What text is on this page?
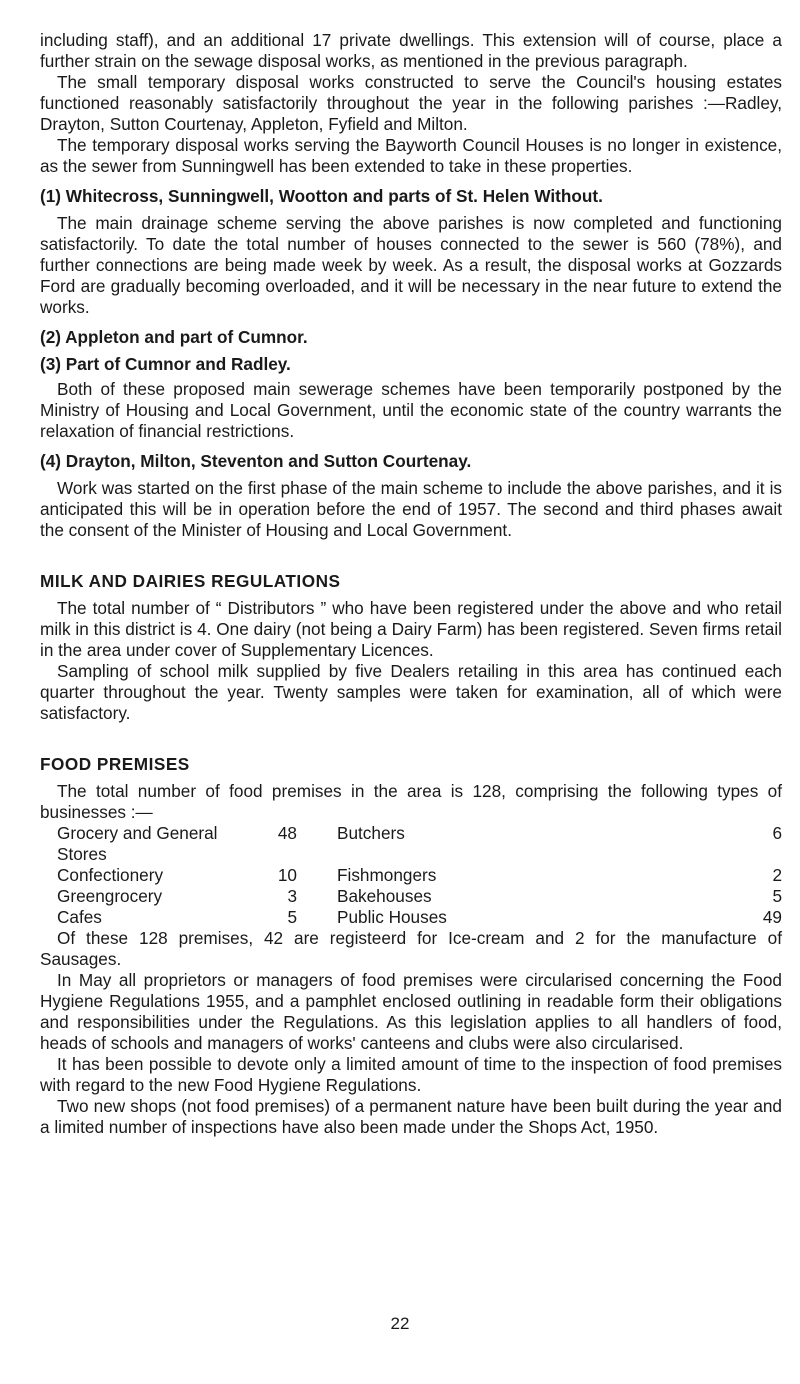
including staff), and an additional 17 private dwellings. This extension will of course, place a further strain on the sewage disposal works, as mentioned in the previous paragraph.

The small temporary disposal works constructed to serve the Council's housing estates functioned reasonably satisfactorily throughout the year in the following parishes :—Radley, Drayton, Sutton Courtenay, Appleton, Fyfield and Milton.

The temporary disposal works serving the Bayworth Council Houses is no longer in existence, as the sewer from Sunningwell has been extended to take in these properties.

(1) Whitecross, Sunningwell, Wootton and parts of St. Helen Without.

The main drainage scheme serving the above parishes is now completed and functioning satisfactorily. To date the total number of houses connected to the sewer is 560 (78%), and further connections are being made week by week. As a result, the disposal works at Gozzards Ford are gradually becoming overloaded, and it will be necessary in the near future to extend the works.

(2) Appleton and part of Cumnor.

(3) Part of Cumnor and Radley.

Both of these proposed main sewerage schemes have been temporarily postponed by the Ministry of Housing and Local Government, until the economic state of the country warrants the relaxation of financial restrictions.

(4) Drayton, Milton, Steventon and Sutton Courtenay.

Work was started on the first phase of the main scheme to include the above parishes, and it is anticipated this will be in operation before the end of 1957. The second and third phases await the consent of the Minister of Housing and Local Government.

MILK AND DAIRIES REGULATIONS

The total number of “ Distributors ” who have been registered under the above and who retail milk in this district is 4. One dairy (not being a Dairy Farm) has been registered. Seven firms retail in the area under cover of Supplementary Licences.

Sampling of school milk supplied by five Dealers retailing in this area has continued each quarter throughout the year. Twenty samples were taken for examination, all of which were satisfactory.

FOOD PREMISES

The total number of food premises in the area is 128, comprising the following types of businesses :—

Grocery and General Stores	48		Butchers	6
Confectionery	10		Fishmongers	2
Greengrocery	3		Bakehouses	5
Cafes	5		Public Houses	49

Of these 128 premises, 42 are registeerd for Ice-cream and 2 for the manufacture of Sausages.

In May all proprietors or managers of food premises were circularised concerning the Food Hygiene Regulations 1955, and a pamphlet enclosed outlining in readable form their obligations and responsibilities under the Regulations. As this legislation applies to all handlers of food, heads of schools and managers of works' canteens and clubs were also circularised.

It has been possible to devote only a limited amount of time to the inspection of food premises with regard to the new Food Hygiene Regulations.

Two new shops (not food premises) of a permanent nature have been built during the year and a limited number of inspections have also been made under the Shops Act, 1950.

22
